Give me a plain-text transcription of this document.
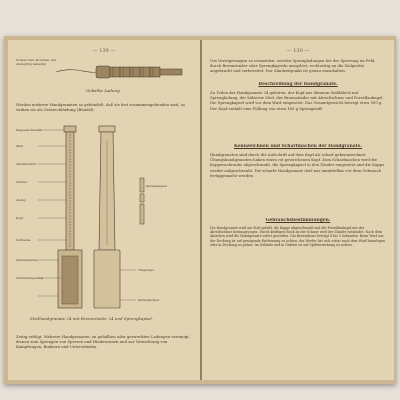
— 139 —
Schnur zum Abziehen, am Abzugring befestigt
Geballte Ladung.
Werden mehrere Handgranaten so gebündelt, daß sie fest zusammengebunden sind, so wirken sie als Gestrecktladung (Bündel).
Kappenschraube
Stiel
Abreißschnur
Zünder
Abzug
Sprengkapsel
Kopf
Schraube
Sprengladung
Zündverzögerung
Tragbügel
Sprengkörper
Stielhandgranate 24 mit Brennzünder 24 und Sprengkapsel.
Zeitig erfolgt. Mehrere Handgranaten, zu geballten oder gestreckten Ladungen vereinigt, dienen zum Sprengen von Sperren und Hindernissen und zur Vernichtung von Kampfwagen, Bunkern und Unterständen.
— 130 —
Um Verzögerungen zu vermeiden, werden Sprengladungen bei der Sperrung im Feld, durch Brennzünder oder Sprengkapseln ausgelöst, rechtzeitig an die Zielgeräte angebracht und vorbereitet. Der Zündzeitpunkt ist genau einzuhalten.
Beschreibung der Handgranate.
Zu Teilen der Handgranate 24 gehören: der Kopf aus dünnem Stahlblech mit Sprengladung, der hölzerne Stiel, der Brennzünder mit Abreißschnur und Porzellankugel. Die Sprengkapsel wird vor dem Wurf eingesetzt. Das Gesamtgewicht beträgt etwa 500 g. Der Kopf enthält eine Füllung von etwa 165 g Sprengstoff.
Kennzeichnen und Scharfmachen der Handgranate.
Handgranaten sind durch die Aufschrift auf dem Kopf als scharf gekennzeichnet. Übungshandgranaten haben einen rot gestrichenen Kopf. Zum Scharfmachen wird die Kappenschraube abgeschraubt, die Sprengkapsel in den Zünder eingesetzt und die Kappe wieder aufgeschraubt. Die scharfe Handgranate darf nur unmittelbar vor dem Gebrauch fertiggemacht werden.
Gebrauchsbestimmungen.
Die Handgranate wird am Stiel gefaßt, die Kappe abgeschraubt und die Porzellankugel mit der Abreißschnur herausgezogen. Durch kräftigen Ruck an der Schnur wird der Zünder entzündet. Nach dem Abziehen wird die Handgranate sofort geworfen. Die Brenndauer beträgt 4 bis 5 Sekunden. Beim Wurf aus der Deckung ist auf genügende Entfernung zu achten; der Werfer hat sich sofort nach dem Wurf hinzulegen oder in Deckung zu gehen. Im Gelände und in Gräben ist auf Splitterwirkung zu achten.
